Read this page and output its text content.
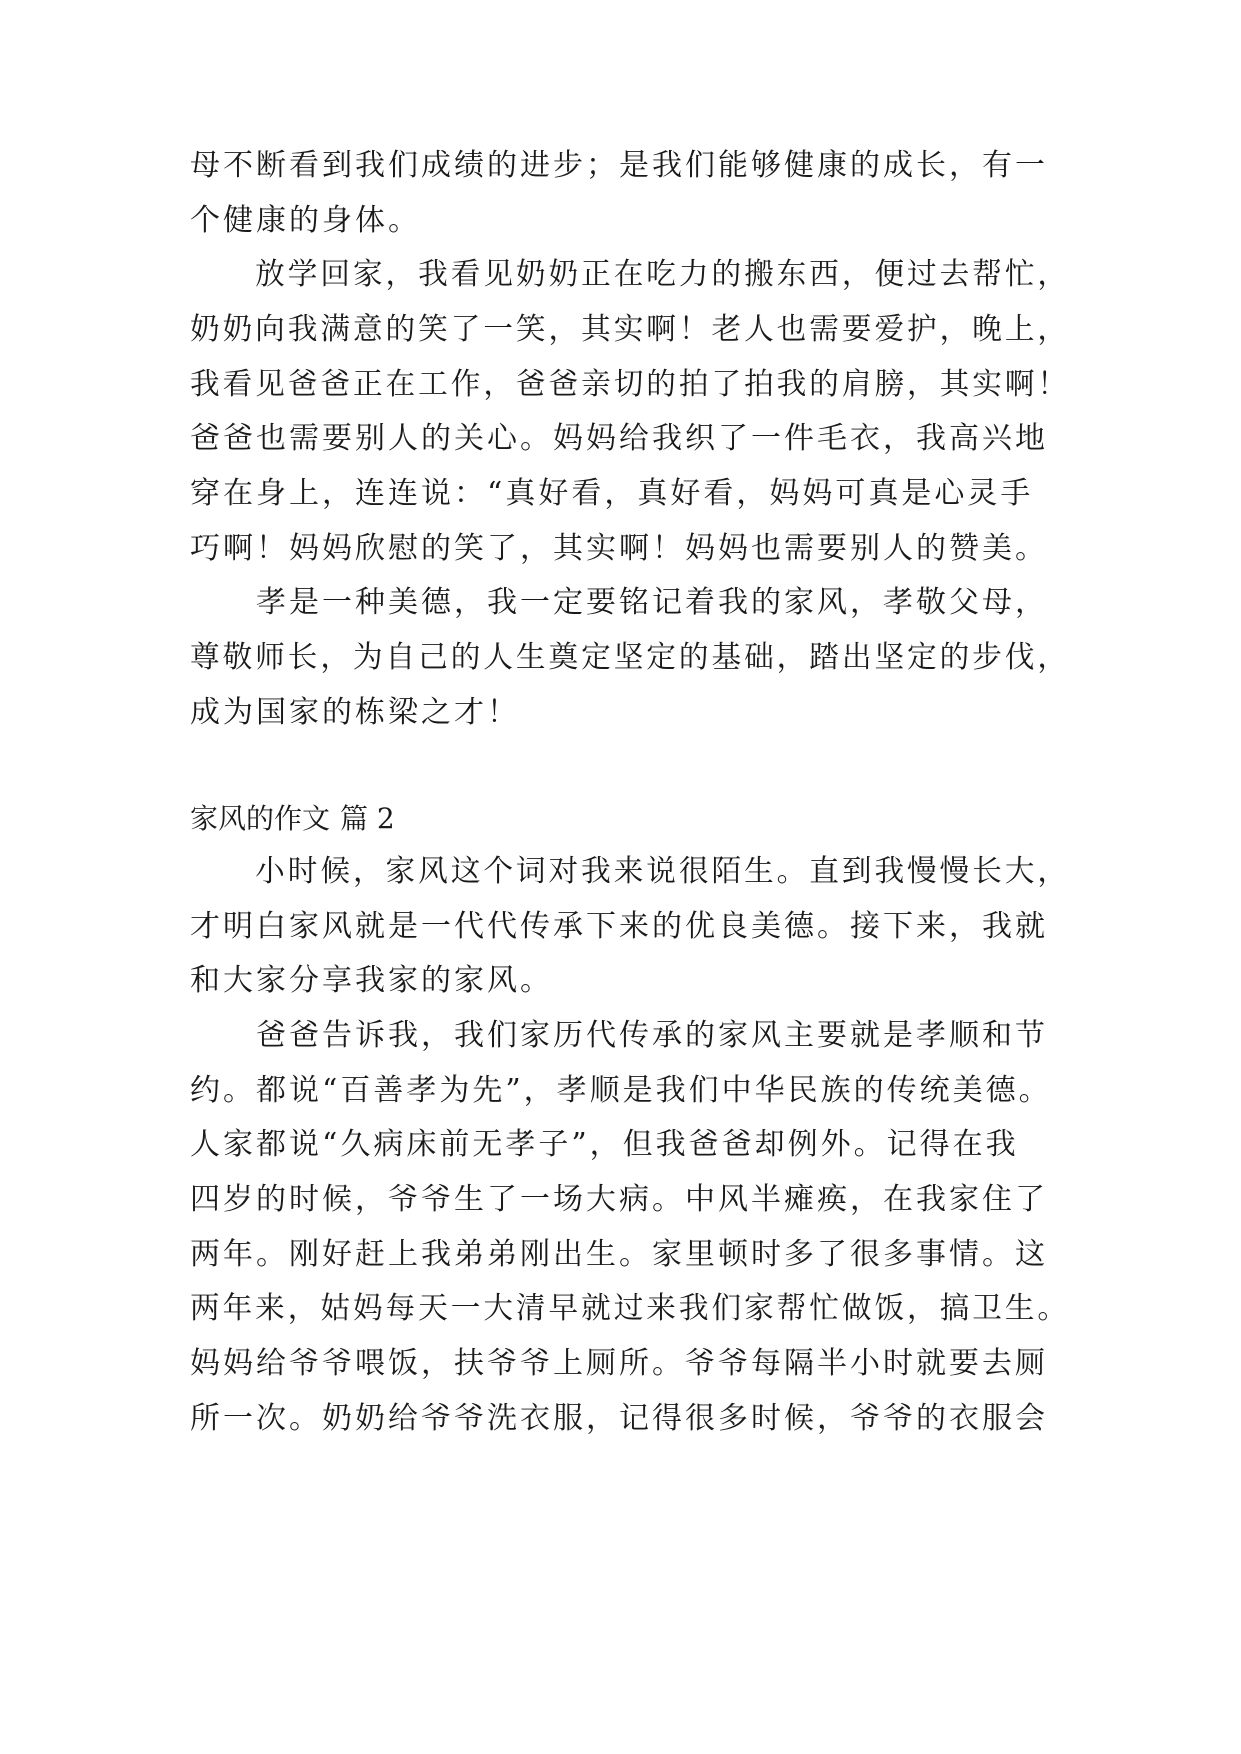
母不断看到我们成绩的进步；是我们能够健康的成长，有一
个健康的身体。
　　放学回家，我看见奶奶正在吃力的搬东西，便过去帮忙，
奶奶向我满意的笑了一笑，其实啊！老人也需要爱护，晚上，
我看见爸爸正在工作，爸爸亲切的拍了拍我的肩膀，其实啊！
爸爸也需要别人的关心。妈妈给我织了一件毛衣，我高兴地
穿在身上，连连说：“真好看，真好看，妈妈可真是心灵手
巧啊！妈妈欣慰的笑了，其实啊！妈妈也需要别人的赞美。
　　孝是一种美德，我一定要铭记着我的家风，孝敬父母，
尊敬师长，为自己的人生奠定坚定的基础，踏出坚定的步伐，
成为国家的栋梁之才！
家风的作文 篇 2
　　小时候，家风这个词对我来说很陌生。直到我慢慢长大，
才明白家风就是一代代传承下来的优良美德。接下来，我就
和大家分享我家的家风。
　　爸爸告诉我，我们家历代传承的家风主要就是孝顺和节
约。都说“百善孝为先”，孝顺是我们中华民族的传统美德。
人家都说“久病床前无孝子”，但我爸爸却例外。记得在我
四岁的时候，爷爷生了一场大病。中风半瘫痪，在我家住了
两年。刚好赶上我弟弟刚出生。家里顿时多了很多事情。这
两年来，姑妈每天一大清早就过来我们家帮忙做饭，搞卫生。
妈妈给爷爷喂饭，扶爷爷上厕所。爷爷每隔半小时就要去厕
所一次。奶奶给爷爷洗衣服，记得很多时候，爷爷的衣服会
